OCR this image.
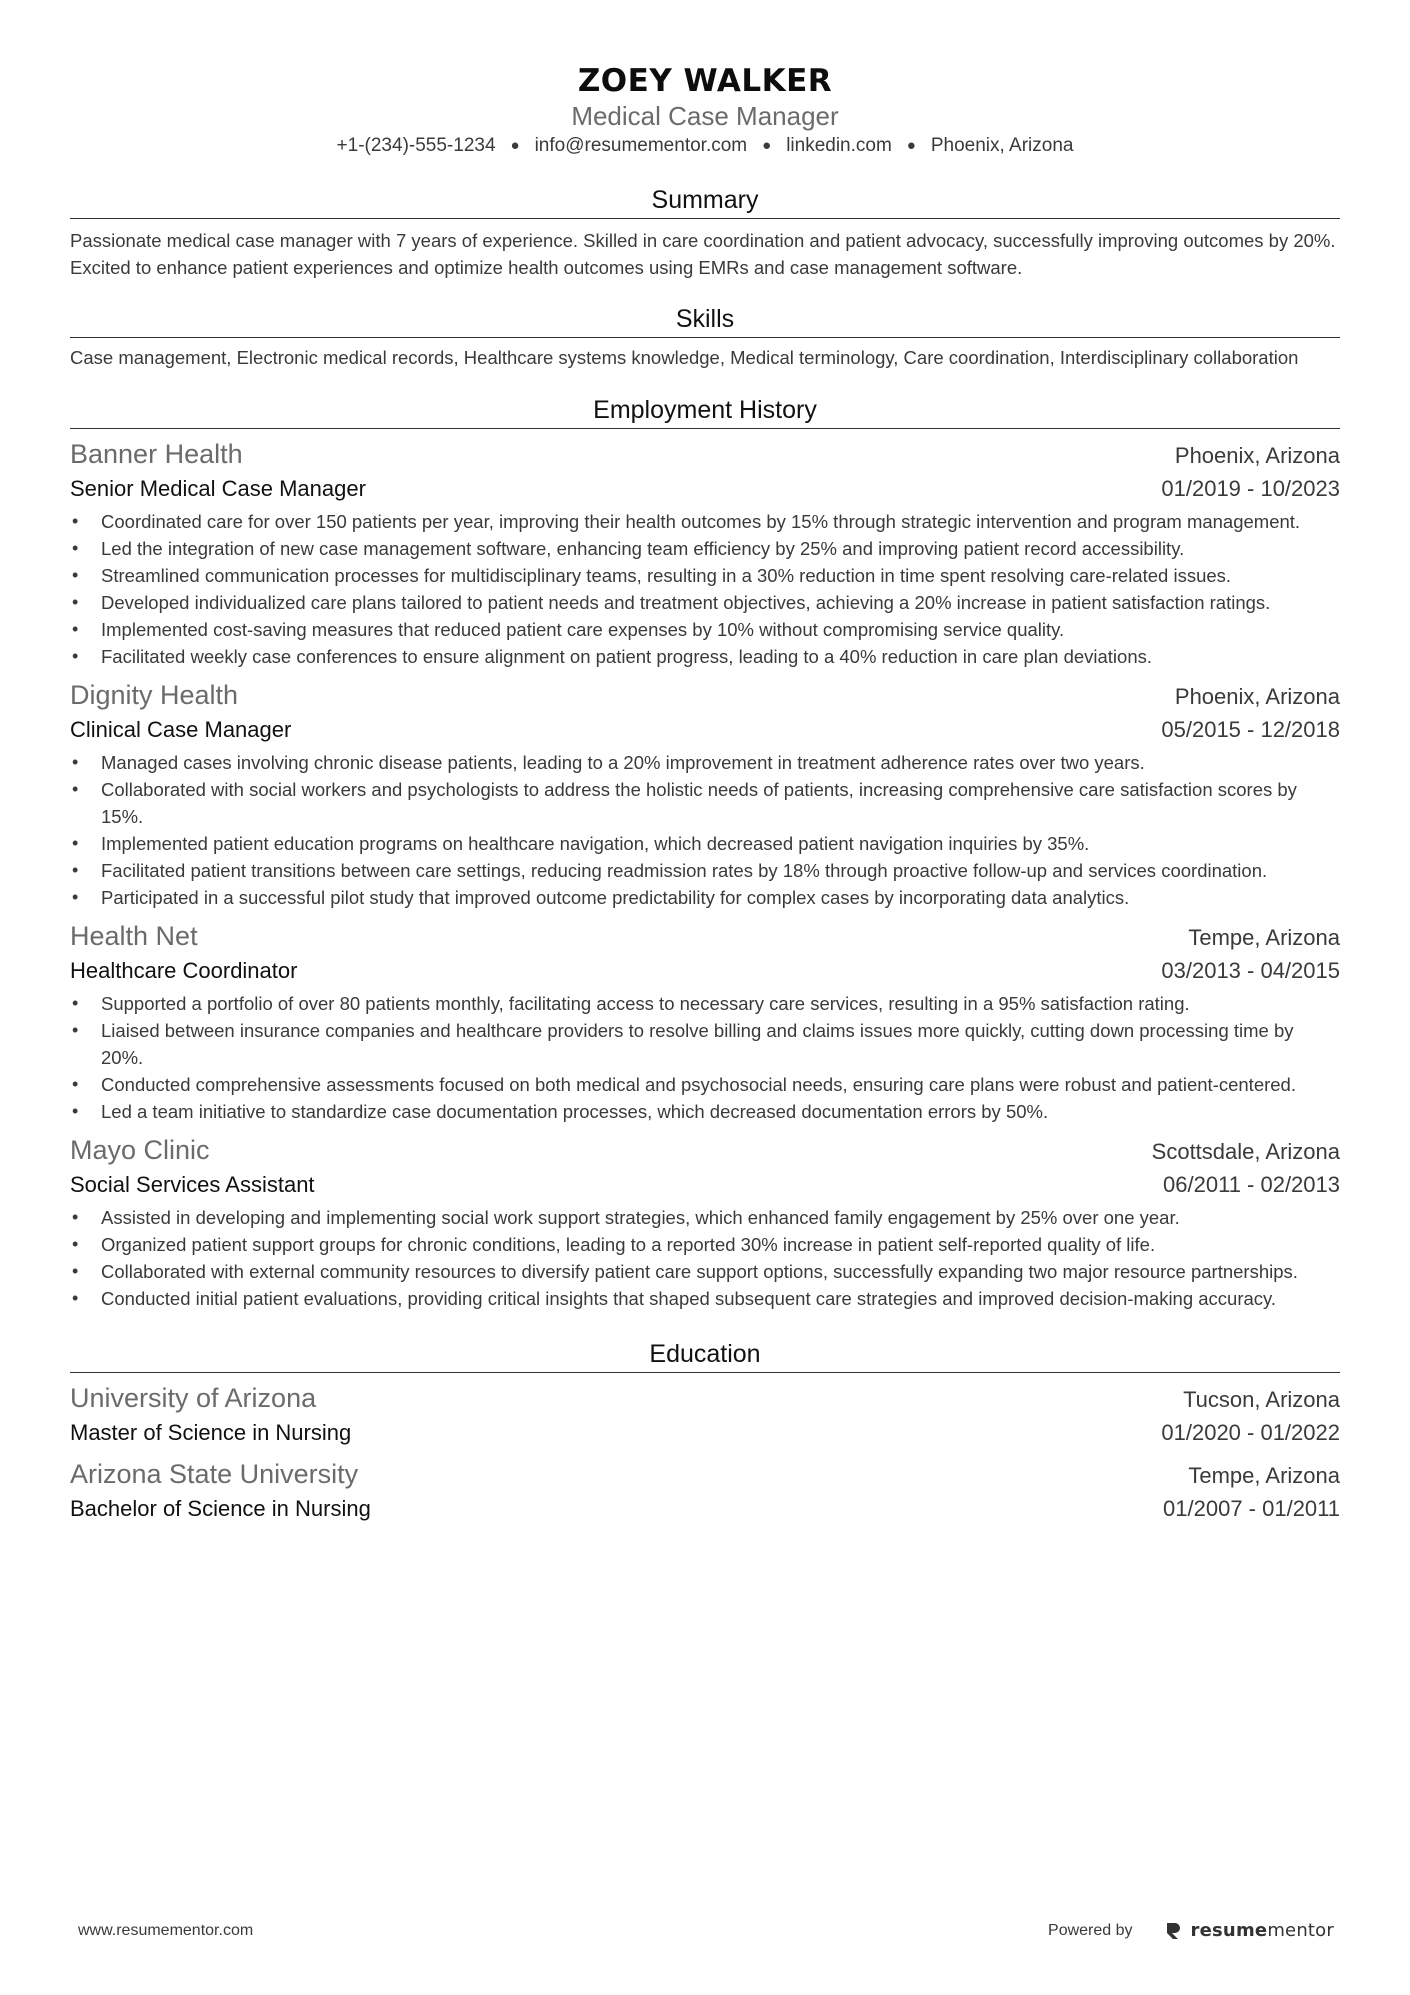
ZOEY WALKER
Medical Case Manager
+1-(234)-555-1234 ● info@resumementor.com ● linkedin.com ● Phoenix, Arizona
Summary
Passionate medical case manager with 7 years of experience. Skilled in care coordination and patient advocacy, successfully improving outcomes by 20%. Excited to enhance patient experiences and optimize health outcomes using EMRs and case management software.
Skills
Case management, Electronic medical records, Healthcare systems knowledge, Medical terminology, Care coordination, Interdisciplinary collaboration
Employment History
Banner Health	Phoenix, Arizona
Senior Medical Case Manager	01/2019 - 10/2023
• Coordinated care for over 150 patients per year, improving their health outcomes by 15% through strategic intervention and program management.
• Led the integration of new case management software, enhancing team efficiency by 25% and improving patient record accessibility.
• Streamlined communication processes for multidisciplinary teams, resulting in a 30% reduction in time spent resolving care-related issues.
• Developed individualized care plans tailored to patient needs and treatment objectives, achieving a 20% increase in patient satisfaction ratings.
• Implemented cost-saving measures that reduced patient care expenses by 10% without compromising service quality.
• Facilitated weekly case conferences to ensure alignment on patient progress, leading to a 40% reduction in care plan deviations.
Dignity Health	Phoenix, Arizona
Clinical Case Manager	05/2015 - 12/2018
• Managed cases involving chronic disease patients, leading to a 20% improvement in treatment adherence rates over two years.
• Collaborated with social workers and psychologists to address the holistic needs of patients, increasing comprehensive care satisfaction scores by 15%.
• Implemented patient education programs on healthcare navigation, which decreased patient navigation inquiries by 35%.
• Facilitated patient transitions between care settings, reducing readmission rates by 18% through proactive follow-up and services coordination.
• Participated in a successful pilot study that improved outcome predictability for complex cases by incorporating data analytics.
Health Net	Tempe, Arizona
Healthcare Coordinator	03/2013 - 04/2015
• Supported a portfolio of over 80 patients monthly, facilitating access to necessary care services, resulting in a 95% satisfaction rating.
• Liaised between insurance companies and healthcare providers to resolve billing and claims issues more quickly, cutting down processing time by 20%.
• Conducted comprehensive assessments focused on both medical and psychosocial needs, ensuring care plans were robust and patient-centered.
• Led a team initiative to standardize case documentation processes, which decreased documentation errors by 50%.
Mayo Clinic	Scottsdale, Arizona
Social Services Assistant	06/2011 - 02/2013
• Assisted in developing and implementing social work support strategies, which enhanced family engagement by 25% over one year.
• Organized patient support groups for chronic conditions, leading to a reported 30% increase in patient self-reported quality of life.
• Collaborated with external community resources to diversify patient care support options, successfully expanding two major resource partnerships.
• Conducted initial patient evaluations, providing critical insights that shaped subsequent care strategies and improved decision-making accuracy.
Education
University of Arizona	Tucson, Arizona
Master of Science in Nursing	01/2020 - 01/2022
Arizona State University	Tempe, Arizona
Bachelor of Science in Nursing	01/2007 - 01/2011
www.resumementor.com	Powered by	resumementor
